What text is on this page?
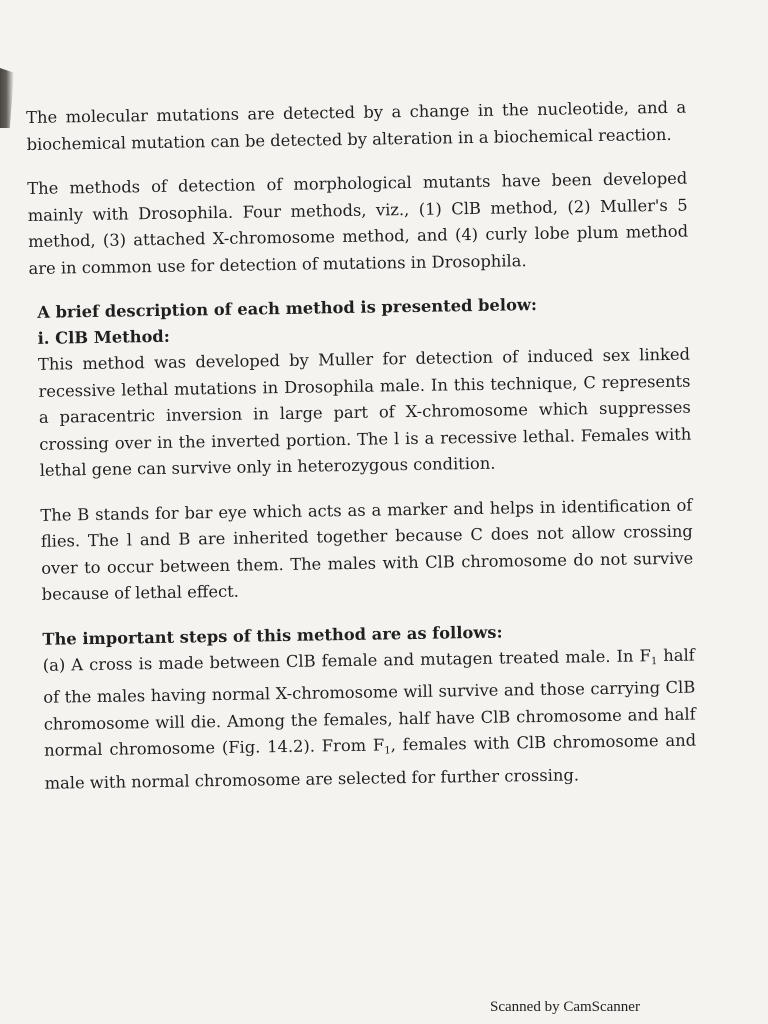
The molecular mutations are detected by a change in the nucleotide, and a biochemical mutation can be detected by alteration in a biochemical reaction.

The methods of detection of morphological mutants have been developed mainly with Drosophila. Four methods, viz., (1) ClB method, (2) Muller's 5 method, (3) attached X-chromosome method, and (4) curly lobe plum method are in common use for detection of mutations in Drosophila.

A brief description of each method is presented below:
i. ClB Method:

This method was developed by Muller for detection of induced sex linked recessive lethal mutations in Drosophila male. In this technique, C represents a paracentric inversion in large part of X-chromosome which suppresses crossing over in the inverted portion. The l is a recessive lethal. Females with lethal gene can survive only in heterozygous condition.

The B stands for bar eye which acts as a marker and helps in identification of flies. The l and B are inherited together because C does not allow crossing over to occur between them. The males with ClB chromosome do not survive because of lethal effect.

The important steps of this method are as follows:

(a) A cross is made between ClB female and mutagen treated male. In $F_1$ half of the males having normal X-chromosome will survive and those carrying ClB chromosome will die. Among the females, half have ClB chromosome and half normal chromosome (Fig. 14.2). From $F_1$, females with ClB chromosome and male with normal chromosome are selected for further crossing.

Scanned by CamScanner
